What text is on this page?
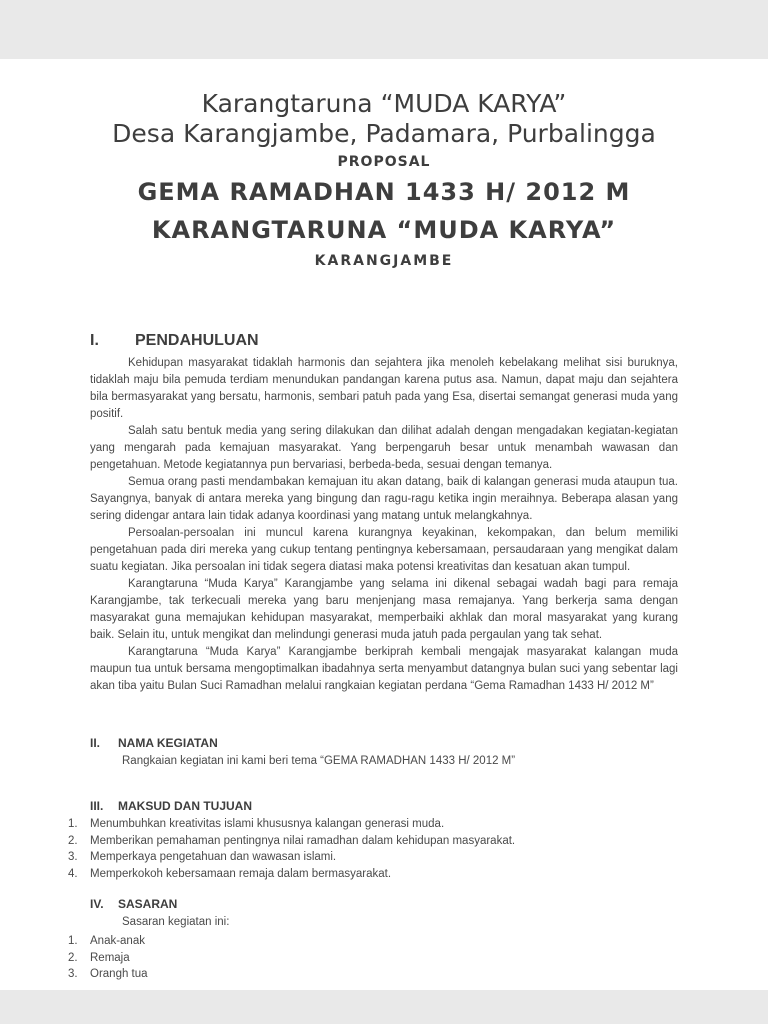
Karangtaruna “MUDA KARYA”
Desa Karangjambe, Padamara, Purbalingga
PROPOSAL
GEMA RAMADHAN 1433 H/ 2012 M
KARANGTARUNA “MUDA KARYA”
KARANGJAMBE
I.	PENDAHULUAN

Kehidupan masyarakat tidaklah harmonis dan sejahtera jika menoleh kebelakang melihat sisi buruknya, tidaklah maju bila pemuda terdiam menundukan pandangan karena putus asa. Namun, dapat maju dan sejahtera bila bermasyarakat yang bersatu, harmonis, sembari patuh pada yang Esa, disertai semangat generasi muda yang positif.

Salah satu bentuk media yang sering dilakukan dan dilihat adalah dengan mengadakan kegiatan-kegiatan yang mengarah pada kemajuan masyarakat. Yang berpengaruh besar untuk menambah wawasan dan pengetahuan. Metode kegiatannya pun bervariasi, berbeda-beda, sesuai dengan temanya.

Semua orang pasti mendambakan kemajuan itu akan datang, baik di kalangan generasi muda ataupun tua. Sayangnya, banyak di antara mereka yang bingung dan ragu-ragu ketika ingin meraihnya. Beberapa alasan yang sering didengar antara lain tidak adanya koordinasi yang matang untuk melangkahnya.

Persoalan-persoalan ini muncul karena kurangnya keyakinan, kekompakan, dan belum memiliki pengetahuan pada diri mereka yang cukup tentang pentingnya kebersamaan, persaudaraan yang mengikat dalam suatu kegiatan. Jika persoalan ini tidak segera diatasi maka potensi kreativitas dan kesatuan akan tumpul.

Karangtaruna “Muda Karya” Karangjambe yang selama ini dikenal sebagai wadah bagi para remaja Karangjambe, tak terkecuali mereka yang baru menjenjang masa remajanya. Yang berkerja sama dengan masyarakat guna memajukan kehidupan masyarakat, memperbaiki akhlak dan moral masyarakat yang kurang baik. Selain itu, untuk mengikat dan melindungi generasi muda jatuh pada pergaulan yang tak sehat.

Karangtaruna “Muda Karya” Karangjambe berkiprah kembali mengajak masyarakat kalangan muda maupun tua untuk bersama mengoptimalkan ibadahnya serta menyambut datangnya bulan suci yang sebentar lagi akan tiba yaitu Bulan Suci Ramadhan melalui rangkaian kegiatan perdana “Gema Ramadhan 1433 H/ 2012 M”

II.	NAMA KEGIATAN
Rangkaian kegiatan ini kami beri tema “GEMA RAMADHAN 1433 H/ 2012 M”
III.	MAKSUD DAN TUJUAN
1.	Menumbuhkan kreativitas islami khususnya kalangan generasi muda.
2.	Memberikan pemahaman pentingnya nilai ramadhan dalam kehidupan masyarakat.
3.	Memperkaya pengetahuan dan wawasan islami.
4.	Memperkokoh kebersamaan remaja dalam bermasyarakat.
IV.	SASARAN
Sasaran kegiatan ini:
1.	Anak-anak
2.	Remaja
3.	Orangh tua
